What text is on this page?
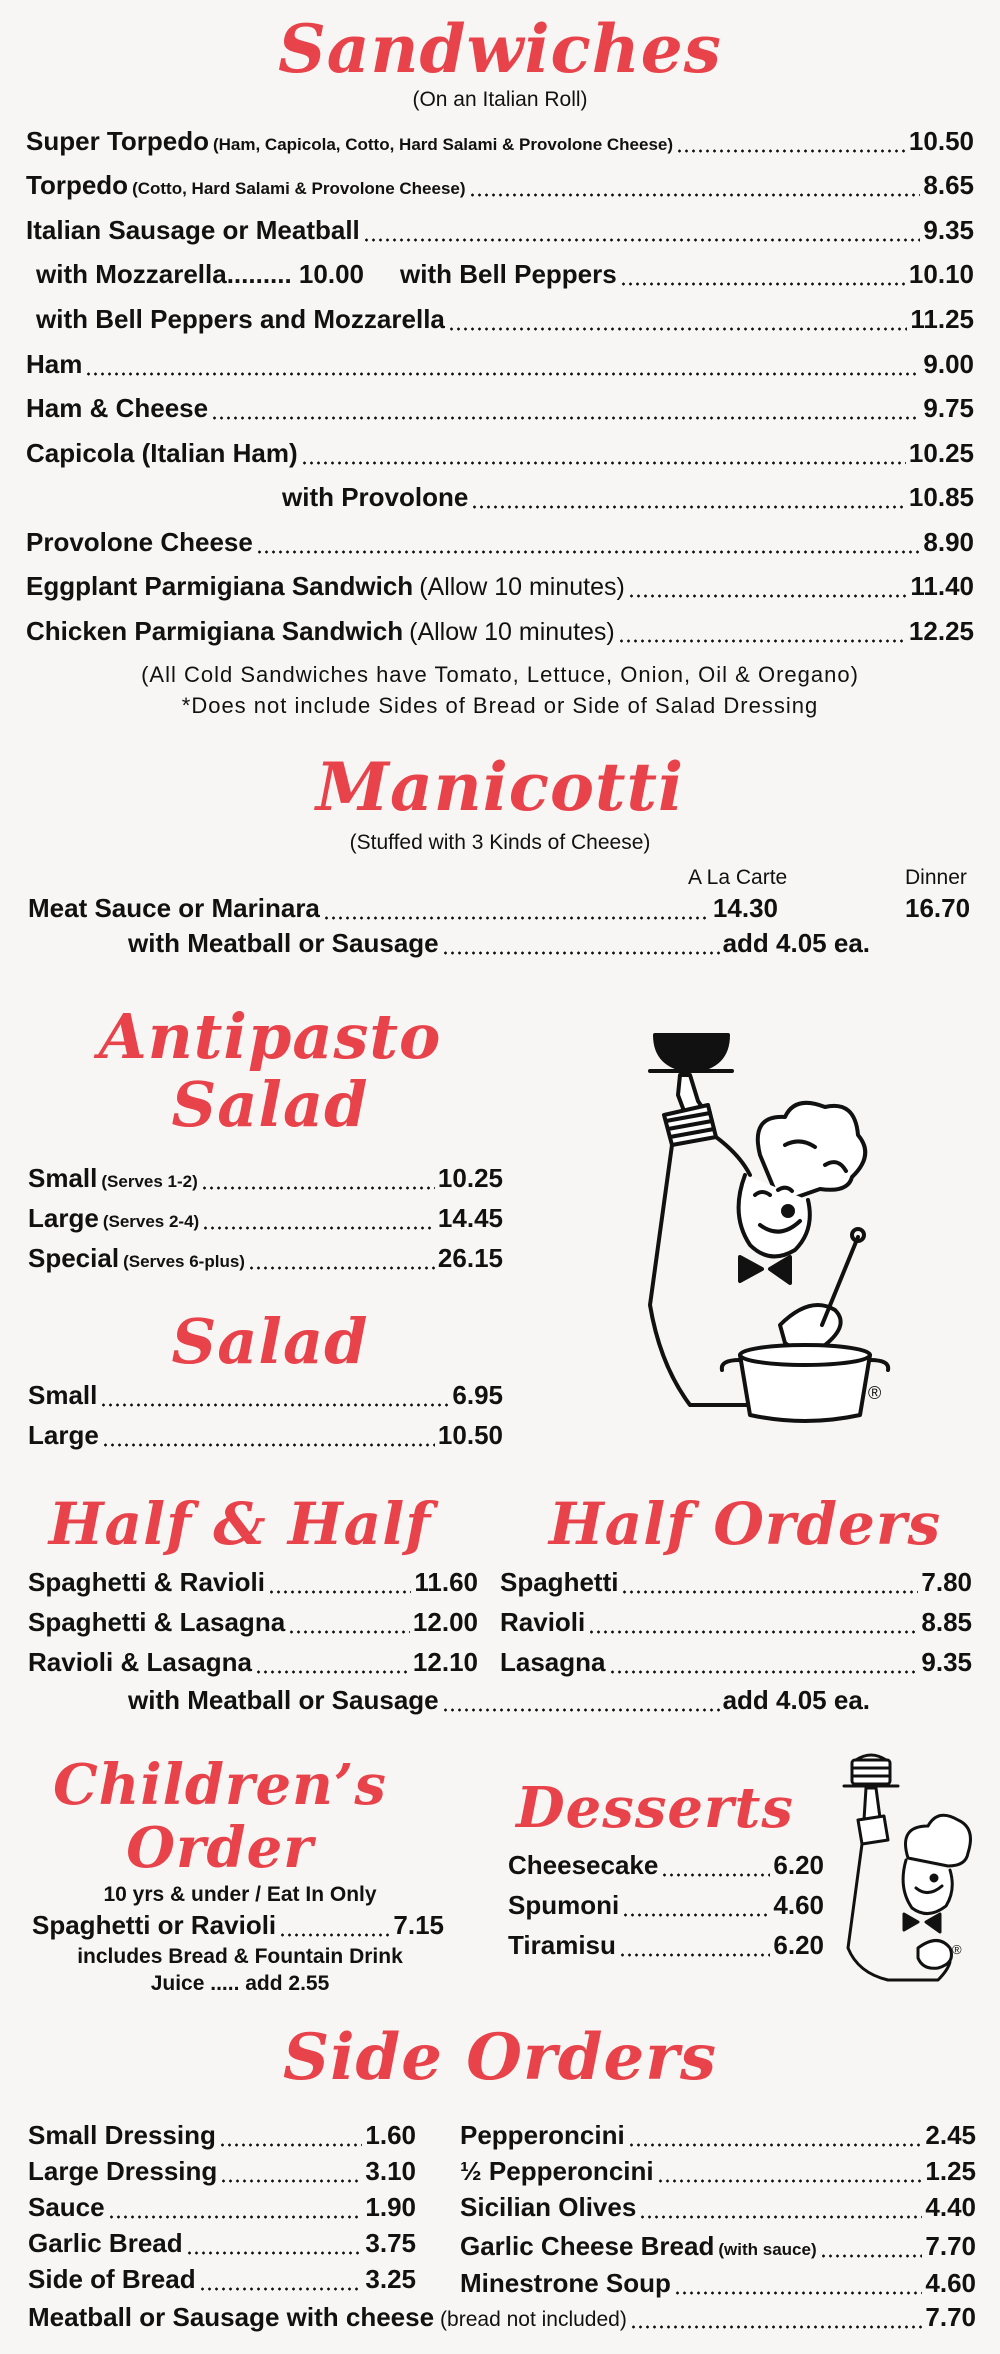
Sandwiches
(On an Italian Roll)
Super Torpedo (Ham, Capicola, Cotto, Hard Salami & Provolone Cheese)	10.50
Torpedo (Cotto, Hard Salami & Provolone Cheese)	8.65
Italian Sausage or Meatball	9.35
with Mozzarella......... 10.00 with Bell Peppers	10.10
with Bell Peppers and Mozzarella	11.25
Ham	9.00
Ham & Cheese	9.75
Capicola (Italian Ham)	10.25
with Provolone	10.85
Provolone Cheese	8.90
Eggplant Parmigiana Sandwich (Allow 10 minutes)	11.40
Chicken Parmigiana Sandwich (Allow 10 minutes)	12.25
(All Cold Sandwiches have Tomato, Lettuce, Onion, Oil & Oregano)
*Does not include Sides of Bread or Side of Salad Dressing
Manicotti
(Stuffed with 3 Kinds of Cheese)
A La Carte	Dinner
Meat Sauce or Marinara	14.30	16.70
with Meatball or Sausage	add 4.05 ea.
Antipasto
Salad
Small (Serves 1-2)	10.25
Large (Serves 2-4)	14.45
Special (Serves 6-plus)	26.15
Salad
Small	6.95
Large	10.50
®
Half & Half
Spaghetti & Ravioli	11.60
Spaghetti & Lasagna	12.00
Ravioli & Lasagna	12.10
Half Orders
Spaghetti	7.80
Ravioli	8.85
Lasagna	9.35
with Meatball or Sausage	add 4.05 ea.
Children’s
Order
10 yrs & under / Eat In Only
Spaghetti or Ravioli	7.15
includes Bread & Fountain Drink
Juice ..... add 2.55
Desserts
Cheesecake	6.20
Spumoni	4.60
Tiramisu	6.20	®
Side Orders
Small Dressing	1.60
Large Dressing	3.10
Sauce	1.90
Garlic Bread	3.75
Side of Bread	3.25
Pepperoncini	2.45
½ Pepperoncini	1.25
Sicilian Olives	4.40
Garlic Cheese Bread (with sauce)	7.70
Minestrone Soup	4.60
Meatball or Sausage with cheese (bread not included)	7.70
